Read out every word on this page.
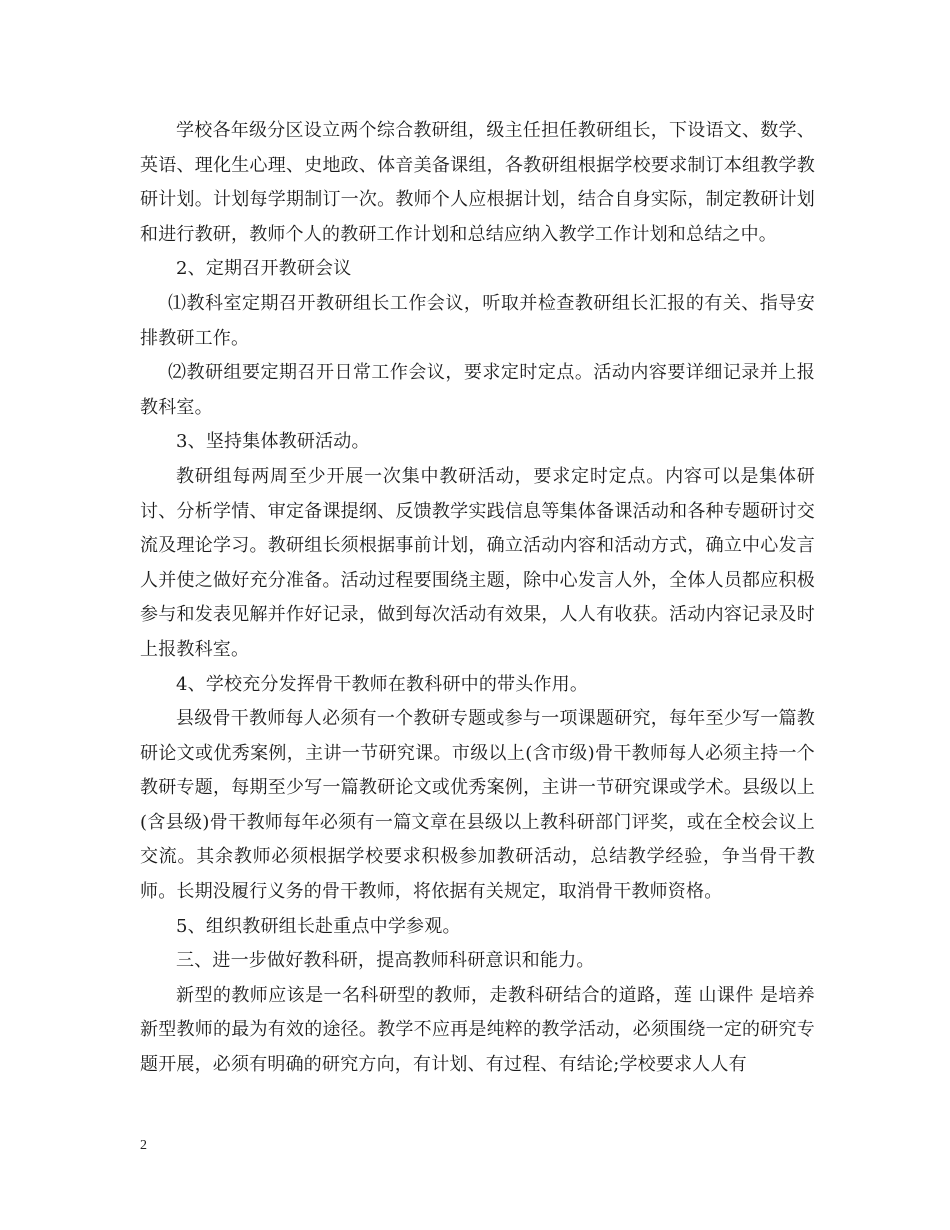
学校各年级分区设立两个综合教研组，级主任担任教研组长，下设语文、数学、英语、理化生心理、史地政、体音美备课组，各教研组根据学校要求制订本组教学教研计划。计划每学期制订一次。教师个人应根据计划，结合自身实际，制定教研计划和进行教研，教师个人的教研工作计划和总结应纳入教学工作计划和总结之中。

2、定期召开教研会议

⑴教科室定期召开教研组长工作会议，听取并检查教研组长汇报的有关、指导安排教研工作。

⑵教研组要定期召开日常工作会议，要求定时定点。活动内容要详细记录并上报教科室。

3、坚持集体教研活动。

教研组每两周至少开展一次集中教研活动，要求定时定点。内容可以是集体研讨、分析学情、审定备课提纲、反馈教学实践信息等集体备课活动和各种专题研讨交流及理论学习。教研组长须根据事前计划，确立活动内容和活动方式，确立中心发言人并使之做好充分准备。活动过程要围绕主题，除中心发言人外，全体人员都应积极参与和发表见解并作好记录，做到每次活动有效果，人人有收获。活动内容记录及时上报教科室。

4、学校充分发挥骨干教师在教科研中的带头作用。

县级骨干教师每人必须有一个教研专题或参与一项课题研究，每年至少写一篇教研论文或优秀案例，主讲一节研究课。市级以上(含市级)骨干教师每人必须主持一个教研专题，每期至少写一篇教研论文或优秀案例，主讲一节研究课或学术。县级以上(含县级)骨干教师每年必须有一篇文章在县级以上教科研部门评奖，或在全校会议上交流。其余教师必须根据学校要求积极参加教研活动，总结教学经验，争当骨干教师。长期没履行义务的骨干教师，将依据有关规定，取消骨干教师资格。

5、组织教研组长赴重点中学参观。

三、进一步做好教科研，提高教师科研意识和能力。

新型的教师应该是一名科研型的教师，走教科研结合的道路，莲 山课件 是培养新型教师的最为有效的途径。教学不应再是纯粹的教学活动，必须围绕一定的研究专题开展，必须有明确的研究方向，有计划、有过程、有结论;学校要求人人有

2
